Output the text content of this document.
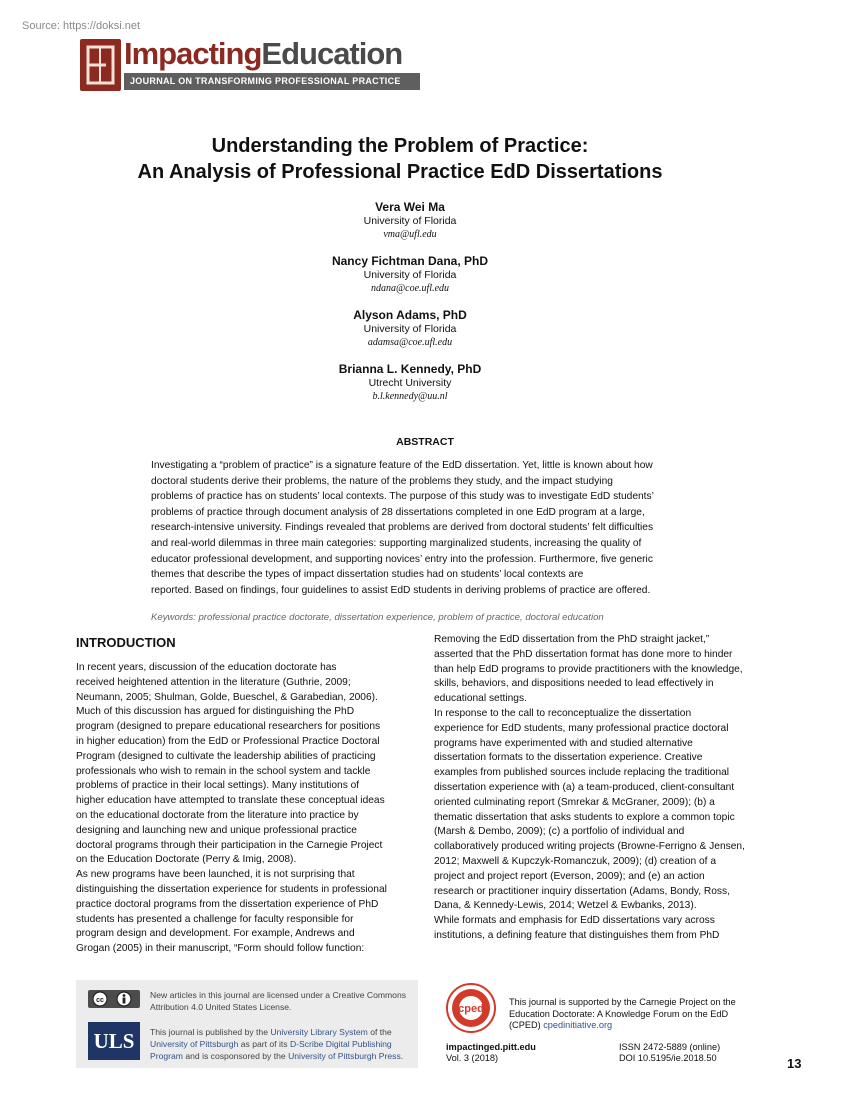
Source: https://doksi.net
ImpactingEducation
JOURNAL ON TRANSFORMING PROFESSIONAL PRACTICE
Understanding the Problem of Practice:
An Analysis of Professional Practice EdD Dissertations
Vera Wei Ma
University of Florida
vma@ufl.edu
Nancy Fichtman Dana, PhD
University of Florida
ndana@coe.ufl.edu
Alyson Adams, PhD
University of Florida
adamsa@coe.ufl.edu
Brianna L. Kennedy, PhD
Utrecht University
b.l.kennedy@uu.nl
ABSTRACT

Investigating a “problem of practice” is a signature feature of the EdD dissertation. Yet, little is known about how
doctoral students derive their problems, the nature of the problems they study, and the impact studying
problems of practice has on students’ local contexts. The purpose of this study was to investigate EdD students’
problems of practice through document analysis of 28 dissertations completed in one EdD program at a large,
research-intensive university. Findings revealed that problems are derived from doctoral students’ felt difficulties
and real-world dilemmas in three main categories: supporting marginalized students, increasing the quality of
educator professional development, and supporting novices’ entry into the profession. Furthermore, five generic
themes that describe the types of impact dissertation studies had on students’ local contexts are
reported. Based on findings, four guidelines to assist EdD students in deriving problems of practice are offered.

Keywords: professional practice doctorate, dissertation experience, problem of practice, doctoral education
INTRODUCTION

In recent years, discussion of the education doctorate has
received heightened attention in the literature (Guthrie, 2009;
Neumann, 2005; Shulman, Golde, Bueschel, & Garabedian, 2006).
Much of this discussion has argued for distinguishing the PhD
program (designed to prepare educational researchers for positions
in higher education) from the EdD or Professional Practice Doctoral
Program (designed to cultivate the leadership abilities of practicing
professionals who wish to remain in the school system and tackle
problems of practice in their local settings). Many institutions of
higher education have attempted to translate these conceptual ideas
on the educational doctorate from the literature into practice by
designing and launching new and unique professional practice
doctoral programs through their participation in the Carnegie Project
on the Education Doctorate (Perry & Imig, 2008).
As new programs have been launched, it is not surprising that
distinguishing the dissertation experience for students in professional
practice doctoral programs from the dissertation experience of PhD
students has presented a challenge for faculty responsible for
program design and development. For example, Andrews and
Grogan (2005) in their manuscript, “Form should follow function:

Removing the EdD dissertation from the PhD straight jacket,”
asserted that the PhD dissertation format has done more to hinder
than help EdD programs to provide practitioners with the knowledge,
skills, behaviors, and dispositions needed to lead effectively in
educational settings.
In response to the call to reconceptualize the dissertation
experience for EdD students, many professional practice doctoral
programs have experimented with and studied alternative
dissertation formats to the dissertation experience. Creative
examples from published sources include replacing the traditional
dissertation experience with (a) a team-produced, client-consultant
oriented culminating report (Smrekar & McGraner, 2009); (b) a
thematic dissertation that asks students to explore a common topic
(Marsh & Dembo, 2009); (c) a portfolio of individual and
collaboratively produced writing projects (Browne-Ferrigno & Jensen,
2012; Maxwell & Kupczyk-Romanczuk, 2009); (d) creation of a
project and project report (Everson, 2009); and (e) an action
research or practitioner inquiry dissertation (Adams, Bondy, Ross,
Dana, & Kennedy-Lewis, 2014; Wetzel & Ewbanks, 2013).
While formats and emphasis for EdD dissertations vary across
institutions, a defining feature that distinguishes them from PhD

cc
New articles in this journal are licensed under a Creative Commons Attribution 4.0 United States License.
ULS	This journal is published by the University Library System of the University of Pittsburgh as part of its D-Scribe Digital Publishing Program and is cosponsored by the University of Pittsburgh Press.
cped
This journal is supported by the Carnegie Project on the Education Doctorate: A Knowledge Forum on the EdD (CPED) cpedinitiative.org
impactinged.pitt.edu
Vol. 3 (2018)
ISSN 2472-5889 (online)
DOI 10.5195/ie.2018.50	13
